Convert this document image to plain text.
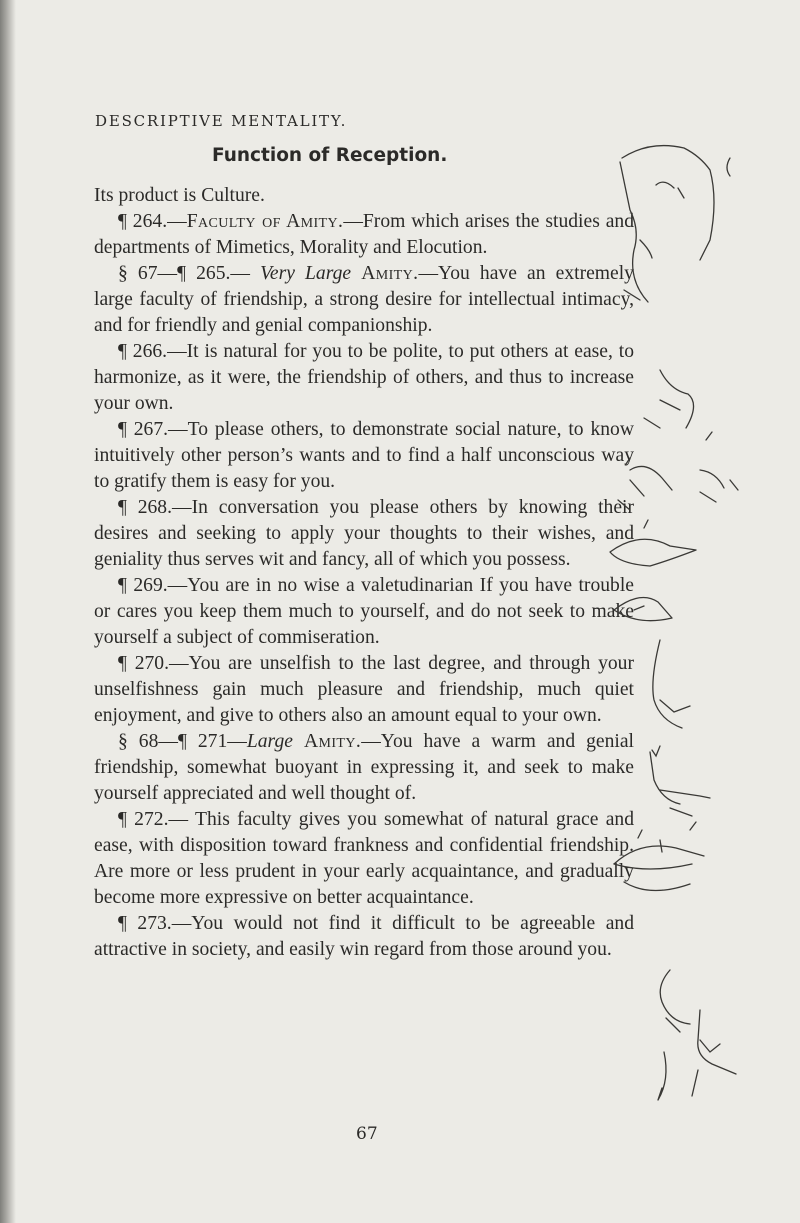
DESCRIPTIVE MENTALITY.
Function of Reception.

Its product is Culture.

¶ 264.—Faculty of Amity.—From which arises the studies and departments of Mimetics, Morality and Elocution.

§ 67—¶ 265.— Very Large Amity.—You have an extremely large faculty of friendship, a strong desire for intellectual intimacy, and for friendly and genial companionship.

¶ 266.—It is natural for you to be polite, to put others at ease, to harmonize, as it were, the friendship of others, and thus to increase your own.

¶ 267.—To please others, to demonstrate social nature, to know intuitively other person’s wants and to find a half unconscious way to gratify them is easy for you.

¶ 268.—In conversation you please others by knowing their desires and seeking to apply your thoughts to their wishes, and geniality thus serves wit and fancy, all of which you possess.

¶ 269.—You are in no wise a valetudinarian If you have trouble or cares you keep them much to yourself, and do not seek to make yourself a subject of commiseration.

¶ 270.—You are unselfish to the last degree, and through your unselfishness gain much pleasure and friendship, much quiet enjoyment, and give to others also an amount equal to your own.

§ 68—¶ 271—Large Amity.—You have a warm and genial friendship, somewhat buoyant in expressing it, and seek to make yourself appreciated and well thought of.

¶ 272.— This faculty gives you somewhat of natural grace and ease, with disposition toward frankness and confidential friendship. Are more or less prudent in your early acquaintance, and gradually become more expressive on better acquaintance.

¶ 273.—You would not find it difficult to be agreeable and attractive in society, and easily win regard from those around you.

67
